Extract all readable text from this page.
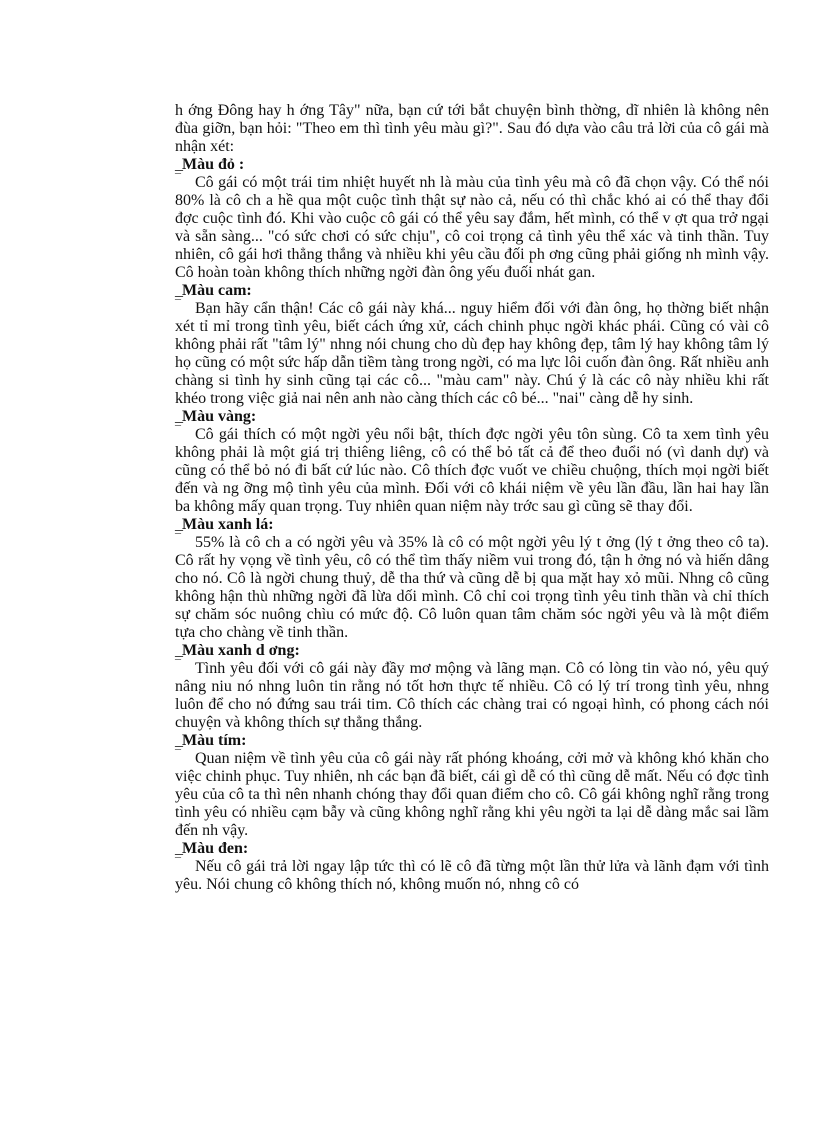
h ớng Đông hay h ớng Tây" nữa, bạn cứ tới bắt chuyện bình thờng, dĩ nhiên là không nên đùa giỡn, bạn hỏi: "Theo em thì tình yêu màu gì?". Sau đó dựa vào câu trả lời của cô gái mà nhận xét:

_Màu đỏ :

¯ Cô gái có một trái tim nhiệt huyết nh là màu của tình yêu mà cô đã chọn vậy. Có thể nói 80% là cô ch a hề qua một cuộc tình thật sự nào cả, nếu có thì chắc khó ai có thể thay đổi đợc cuộc tình đó. Khi vào cuộc cô gái có thể yêu say đắm, hết mình, có thể v ợt qua trở ngại và sẵn sàng... "có sức chơi có sức chịu", cô coi trọng cả tình yêu thể xác và tinh thần. Tuy nhiên, cô gái hơi thẳng thắng và nhiều khi yêu cầu đối ph ơng cũng phải giống nh mình vậy. Cô hoàn toàn không thích những ngời đàn ông yếu đuối nhát gan.

_Màu cam:

¯ Bạn hãy cẩn thận! Các cô gái này khá... nguy hiểm đối với đàn ông, họ thờng biết nhận xét tỉ mỉ trong tình yêu, biết cách ứng xử, cách chinh phục ngời khác phái. Cũng có vài cô không phải rất "tâm lý" nhng nói chung cho dù đẹp hay không đẹp, tâm lý hay không tâm lý họ cũng có một sức hấp dẫn tiềm tàng trong ngời, có ma lực lôi cuốn đàn ông. Rất nhiều anh chàng si tình hy sinh cũng tại các cô... "màu cam" này. Chú ý là các cô này nhiều khi rất khéo trong việc giả nai nên anh nào càng thích các cô bé... "nai" càng dễ hy sinh.

_Màu vàng:

¯ Cô gái thích có một ngời yêu nổi bật, thích đợc ngời yêu tôn sùng. Cô ta xem tình yêu không phải là một giá trị thiêng liêng, cô có thể bỏ tất cả để theo đuổi nó (vì danh dự) và cũng có thể bỏ nó đi bất cứ lúc nào. Cô thích đợc vuốt ve chiều chuộng, thích mọi ngời biết đến và ng ỡng mộ tình yêu của mình. Đối với cô khái niệm về yêu lần đầu, lần hai hay lần ba không mấy quan trọng. Tuy nhiên quan niệm này trớc sau gì cũng sẽ thay đổi.

_Màu xanh lá:

¯ 55% là cô ch a có ngời yêu và 35% là cô có một ngời yêu lý t ởng (lý t ởng theo cô ta). Cô rất hy vọng về tình yêu, cô có thể tìm thấy niềm vui trong đó, tận h ởng nó và hiến dâng cho nó. Cô là ngời chung thuỷ, dễ tha thứ và cũng dễ bị qua mặt hay xỏ mũi. Nhng cô cũng không hận thù những ngời đã lừa dối mình. Cô chỉ coi trọng tình yêu tinh thần và chỉ thích sự chăm sóc nuông chìu có mức độ. Cô luôn quan tâm chăm sóc ngời yêu và là một điểm tựa cho chàng về tinh thần.

_Màu xanh d ơng:

¯ Tình yêu đối với cô gái này đầy mơ mộng và lãng mạn. Cô có lòng tin vào nó, yêu quý nâng niu nó nhng luôn tin rằng nó tốt hơn thực tế nhiều. Cô có lý trí trong tình yêu, nhng luôn để cho nó đứng sau trái tim. Cô thích các chàng trai có ngoại hình, có phong cách nói chuyện và không thích sự thẳng thắng.

_Màu tím:

¯ Quan niệm về tình yêu của cô gái này rất phóng khoáng, cởi mở và không khó khăn cho việc chinh phục. Tuy nhiên, nh các bạn đã biết, cái gì dễ có thì cũng dễ mất. Nếu có đợc tình yêu của cô ta thì nên nhanh chóng thay đổi quan điểm cho cô. Cô gái không nghĩ rằng trong tình yêu có nhiều cạm bẫy và cũng không nghĩ rằng khi yêu ngời ta lại dễ dàng mắc sai lầm đến nh vậy.

_Màu đen:

¯ Nếu cô gái trả lời ngay lập tức thì có lẽ cô đã từng một lần thử lửa và lãnh đạm với tình yêu. Nói chung cô không thích nó, không muốn nó, nhng cô có
